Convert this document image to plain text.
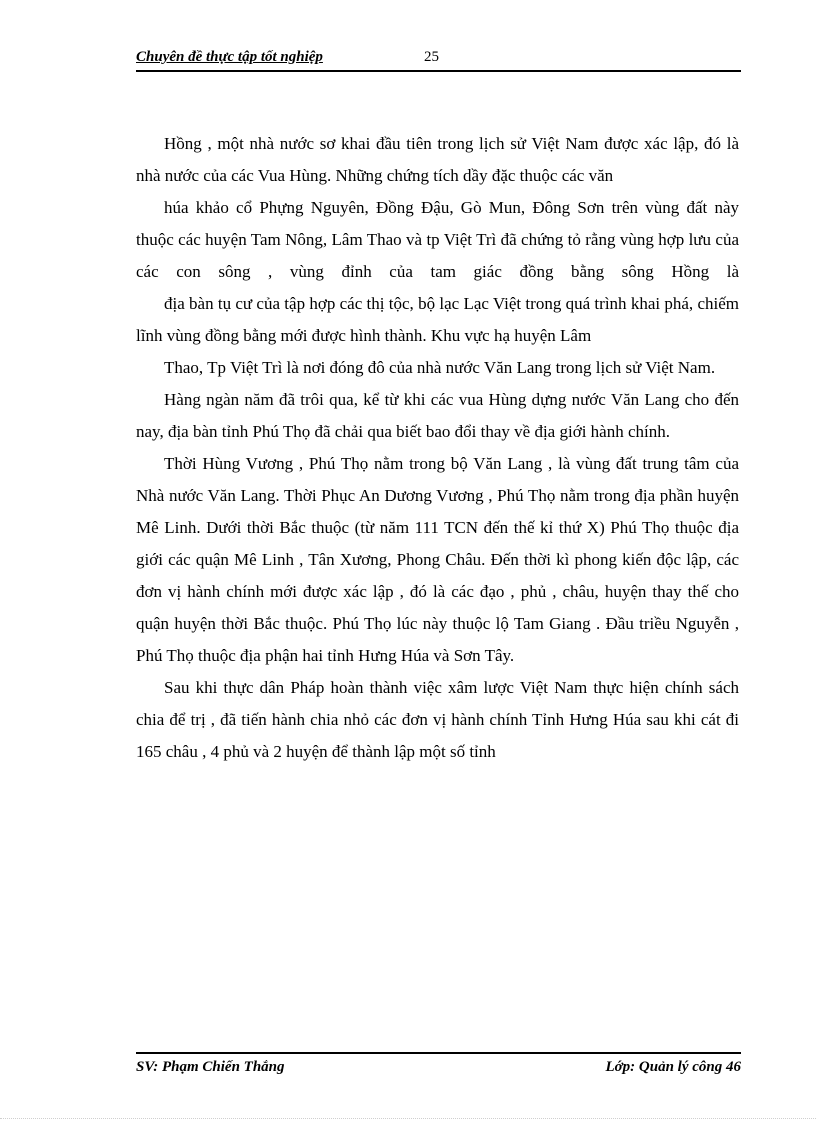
Chuyên đề thực tập tốt nghiệp	25

Hồng , một nhà nước sơ khai đầu tiên trong lịch sử Việt Nam được xác lập, đó là nhà nước của các Vua Hùng. Những chứng tích dầy đặc thuộc các văn

húa khảo cổ Phựng Nguyên, Đồng Đậu, Gò Mun, Đông Sơn trên vùng đất này thuộc các huyện Tam Nông, Lâm Thao và tp Việt Trì đã chứng tỏ rằng vùng hợp lưu của các con sông , vùng đỉnh của tam giác đồng bằng sông Hồng là

địa bàn tụ cư của tập hợp các thị tộc, bộ lạc Lạc Việt trong quá trình khai phá, chiếm lĩnh vùng đồng bằng mới được hình thành. Khu vực hạ huyện Lâm

Thao, Tp Việt Trì là nơi đóng đô của nhà nước Văn Lang trong lịch sử Việt Nam.

Hàng ngàn năm đã trôi qua, kể từ khi các vua Hùng dựng nước Văn Lang cho đến nay, địa bàn tỉnh Phú Thọ đã chải qua biết bao đổi thay về địa giới hành chính.

Thời Hùng Vương , Phú Thọ nằm trong bộ Văn Lang , là vùng đất trung tâm của Nhà nước Văn Lang. Thời Phục An Dương Vương , Phú Thọ nằm trong địa phần huyện Mê Linh. Dưới thời Bắc thuộc (từ năm 111 TCN đến thế kỉ thứ X) Phú Thọ thuộc địa giới các quận Mê Linh , Tân Xương, Phong Châu. Đến thời kì phong kiến độc lập, các đơn vị hành chính mới được xác lập , đó là các đạo , phủ , châu, huyện thay thế cho quận huyện thời Bắc thuộc. Phú Thọ lúc này thuộc lộ Tam Giang . Đầu triều Nguyễn , Phú Thọ thuộc địa phận hai tỉnh Hưng Húa và Sơn Tây.

Sau khi thực dân Pháp hoàn thành việc xâm lược Việt Nam thực hiện chính sách chia để trị , đã tiến hành chia nhỏ các đơn vị hành chính Tỉnh Hưng Húa sau khi cát đi 165 châu , 4 phủ và 2 huyện để thành lập một số tỉnh

SV: Phạm Chiến Thắng	Lớp: Quản lý công 46
